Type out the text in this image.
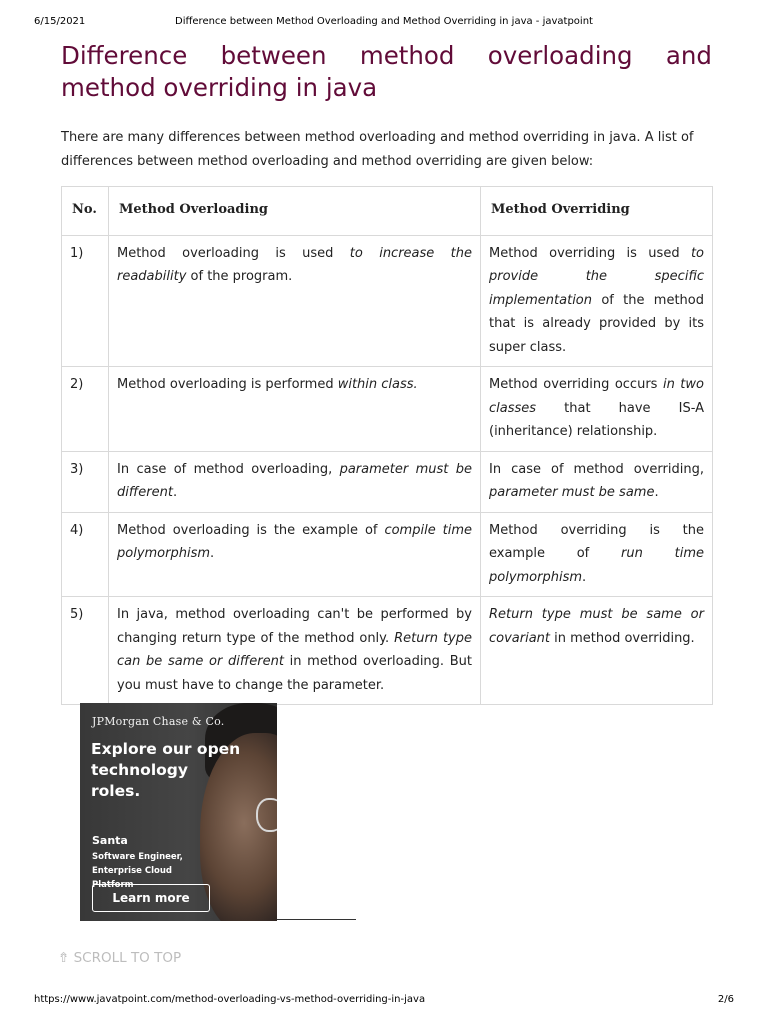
6/15/2021	Difference between Method Overloading and Method Overriding in java - javatpoint
Difference between method overloading and method overriding in java

There are many differences between method overloading and method overriding in java. A list of differences between method overloading and method overriding are given below:

No.	Method Overloading	Method Overriding
1)	Method overloading is used to increase the readability of the program.	Method overriding is used to provide the specific implementation of the method that is already provided by its super class.
2)	Method overloading is performed within class.	Method overriding occurs in two classes that have IS-A (inheritance) relationship.
3)	In case of method overloading, parameter must be different.	In case of method overriding, parameter must be same.
4)	Method overloading is the example of compile time polymorphism.	Method overriding is the example of run time polymorphism.
5)	In java, method overloading can't be performed by changing return type of the method only. Return type can be same or different in method overloading. But you must have to change the parameter.	Return type must be same or covariant in method overriding.
JPMorgan Chase & Co.
Explore our open technology roles.
Santa
Software Engineer, Enterprise Cloud Platform
Learn more
⇮ SCROLL TO TOP
https://www.javatpoint.com/method-overloading-vs-method-overriding-in-java	2/6
